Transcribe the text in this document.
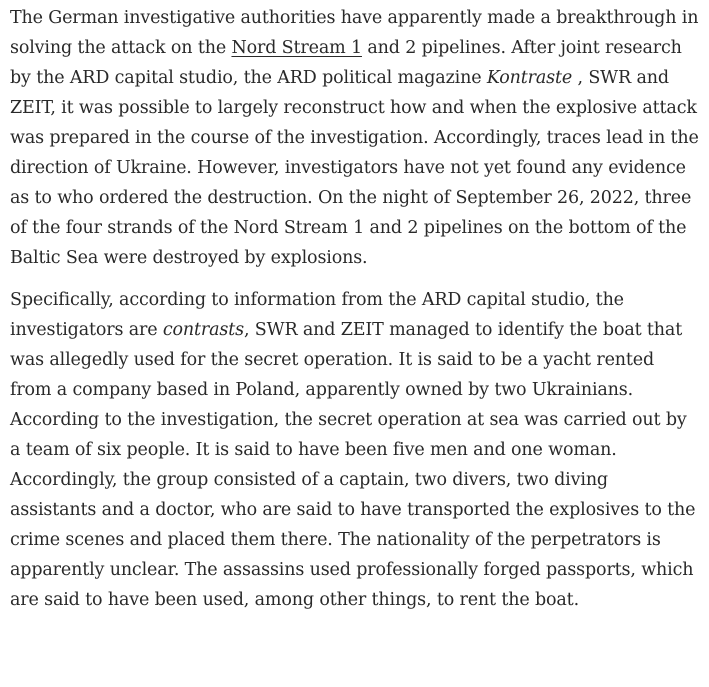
The German investigative authorities have apparently made a breakthrough in solving the attack on the Nord Stream 1 and 2 pipelines. After joint research by the ARD capital studio, the ARD political magazine Kontraste , SWR and ZEIT, it was possible to largely reconstruct how and when the explosive attack was prepared in the course of the investigation. Accordingly, traces lead in the direction of Ukraine. However, investigators have not yet found any evidence as to who ordered the destruction. On the night of September 26, 2022, three of the four strands of the Nord Stream 1 and 2 pipelines on the bottom of the Baltic Sea were destroyed by explosions.

Specifically, according to information from the ARD capital studio, the investigators are contrasts, SWR and ZEIT managed to identify the boat that was allegedly used for the secret operation. It is said to be a yacht rented from a company based in Poland, apparently owned by two Ukrainians. According to the investigation, the secret operation at sea was carried out by a team of six people. It is said to have been five men and one woman. Accordingly, the group consisted of a captain, two divers, two diving assistants and a doctor, who are said to have transported the explosives to the crime scenes and placed them there. The nationality of the perpetrators is apparently unclear. The assassins used professionally forged passports, which are said to have been used, among other things, to rent the boat.
